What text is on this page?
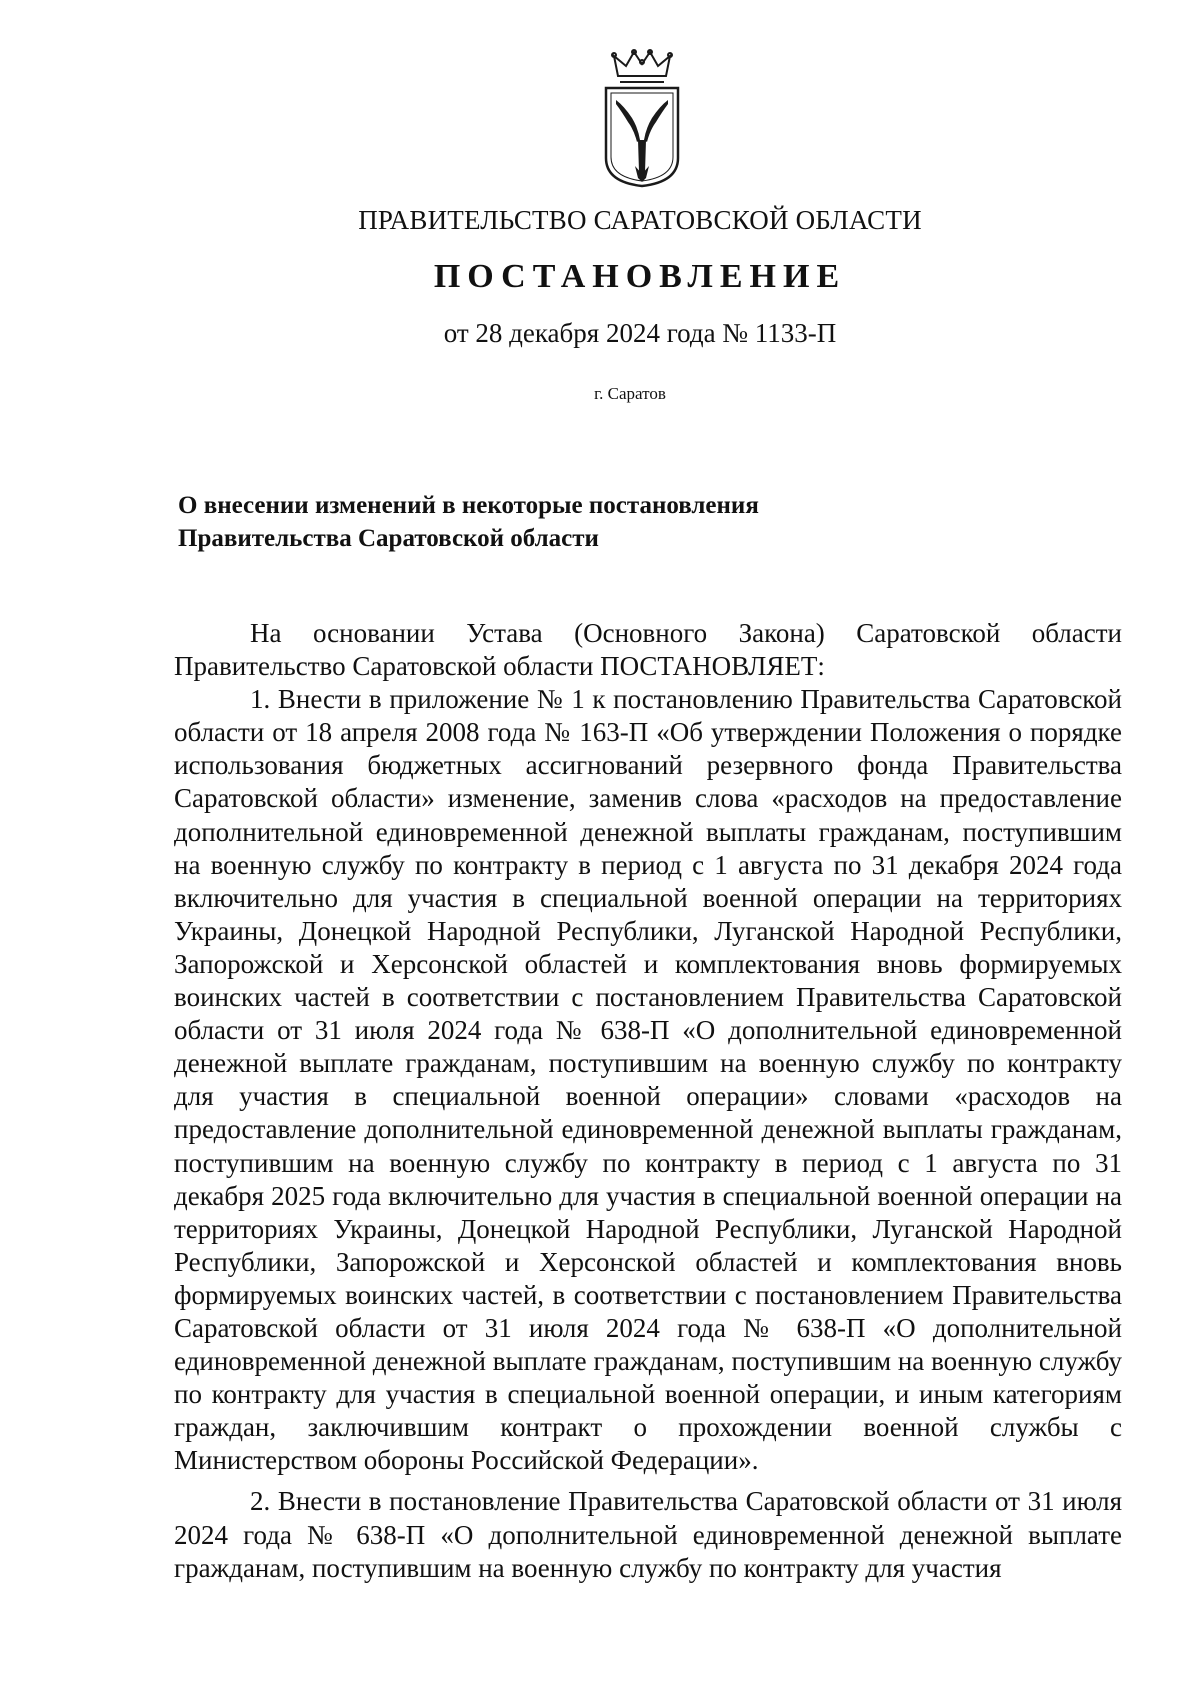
ПРАВИТЕЛЬСТВО САРАТОВСКОЙ ОБЛАСТИ
ПОСТАНОВЛЕНИЕ
от 28 декабря 2024 года № 1133-П
г. Саратов
О внесении изменений в некоторые постановления
Правительства Саратовской области

На основании Устава (Основного Закона) Саратовской области Правительство Саратовской области ПОСТАНОВЛЯЕТ:

1. Внести в приложение № 1 к постановлению Правительства Саратовской области от 18 апреля 2008 года № 163-П «Об утверждении Положения о порядке использования бюджетных ассигнований резервного фонда Правительства Саратовской области» изменение, заменив слова «расходов на предоставление дополнительной единовременной денежной выплаты гражданам, поступившим на военную службу по контракту в период с 1 августа по 31 декабря 2024 года включительно для участия в специальной военной операции на территориях Украины, Донецкой Народной Республики, Луганской Народной Республики, Запорожской и Херсонской областей и комплектования вновь формируемых воинских частей в соответствии с постановлением Правительства Саратовской области от 31 июля 2024 года № 638-П «О дополнительной единовременной денежной выплате гражданам, поступившим на военную службу по контракту для участия в специальной военной операции» словами «расходов на предоставление дополнительной единовременной денежной выплаты гражданам, поступившим на военную службу по контракту в период с 1 августа по 31 декабря 2025 года включительно для участия в специальной военной операции на территориях Украины, Донецкой Народной Республики, Луганской Народной Республики, Запорожской и Херсонской областей и комплектования вновь формируемых воинских частей, в соответствии с постановлением Правительства Саратовской области от 31 июля 2024 года № 638-П «О дополнительной единовременной денежной выплате гражданам, поступившим на военную службу по контракту для участия в специальной военной операции, и иным категориям граждан, заключившим контракт о прохождении военной службы с Министерством обороны Российской Федерации».

2. Внести в постановление Правительства Саратовской области от 31 июля 2024 года № 638-П «О дополнительной единовременной денежной выплате гражданам, поступившим на военную службу по контракту для участия
